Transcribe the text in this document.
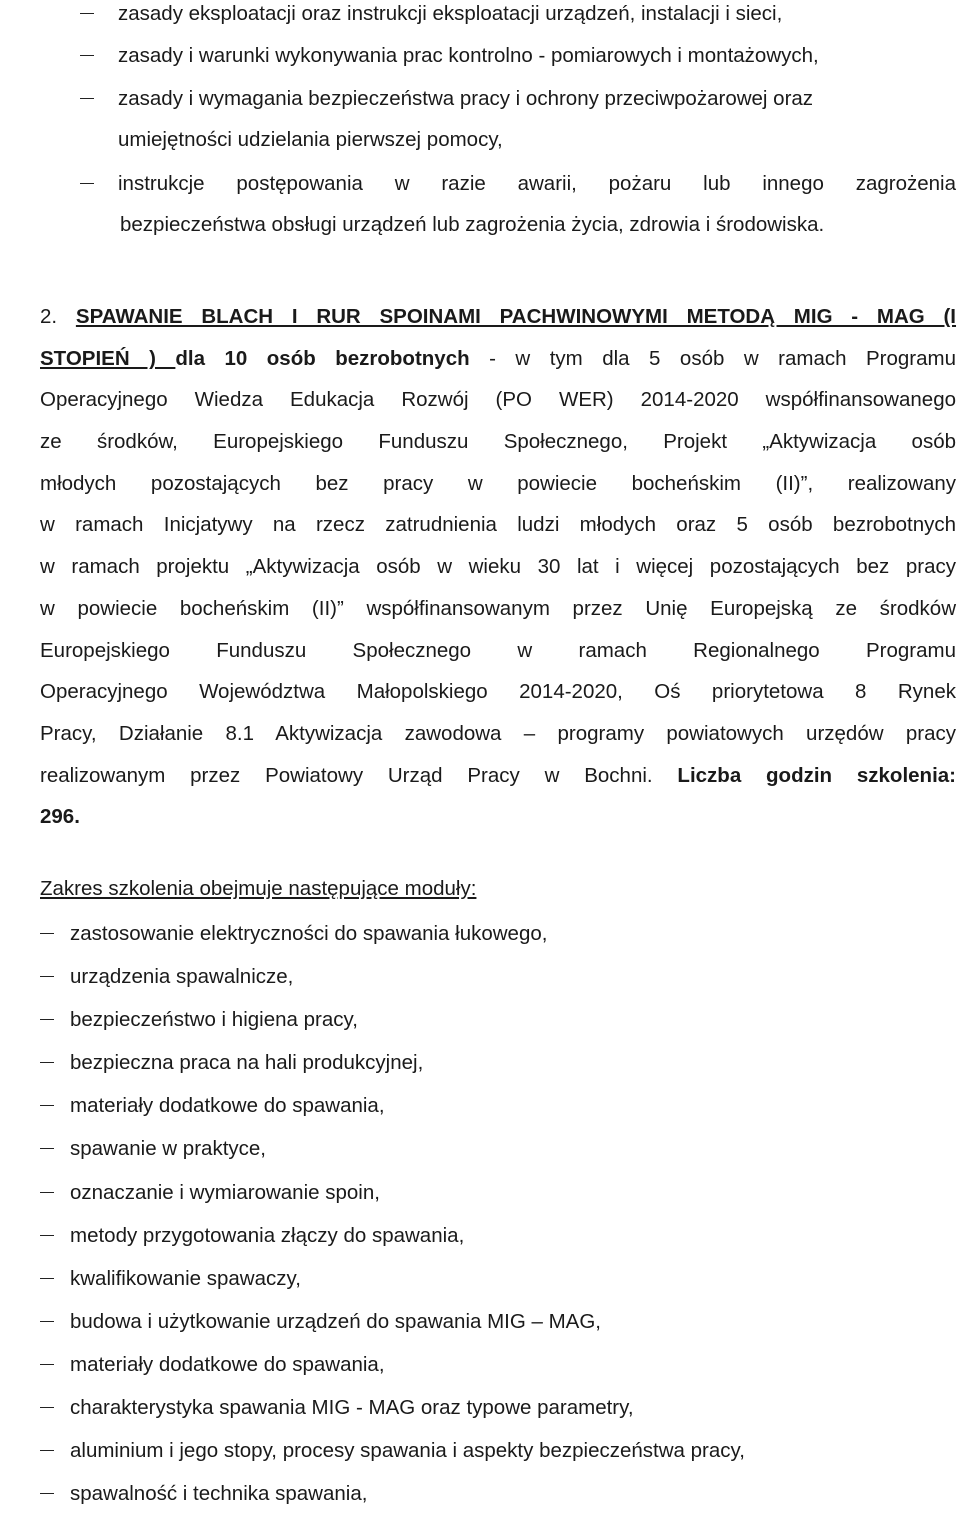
zasady eksploatacji oraz instrukcji eksploatacji urządzeń, instalacji i sieci,
zasady i warunki wykonywania prac kontrolno - pomiarowych i montażowych,
zasady i wymagania bezpieczeństwa pracy i ochrony przeciwpożarowej oraz
umiejętności udzielania pierwszej pomocy,
instrukcje postępowania w razie awarii, pożaru lub innego zagrożenia
bezpieczeństwa obsługi urządzeń lub zagrożenia życia, zdrowia i środowiska.
2. SPAWANIE BLACH I RUR SPOINAMI PACHWINOWYMI METODĄ MIG - MAG (I
STOPIEŃ ) dla 10 osób bezrobotnych - w tym dla 5 osób w ramach Programu
Operacyjnego Wiedza Edukacja Rozwój (PO WER) 2014-2020 współfinansowanego
ze środków, Europejskiego Funduszu Społecznego, Projekt „Aktywizacja osób
młodych pozostających bez pracy w powiecie bocheńskim (II)”, realizowany
w ramach Inicjatywy na rzecz zatrudnienia ludzi młodych oraz 5 osób bezrobotnych
w ramach projektu „Aktywizacja osób w wieku 30 lat i więcej pozostających bez pracy
w powiecie bocheńskim (II)” współfinansowanym przez Unię Europejską ze środków
Europejskiego Funduszu Społecznego w ramach Regionalnego Programu
Operacyjnego Województwa Małopolskiego 2014-2020, Oś priorytetowa 8 Rynek
Pracy, Działanie 8.1 Aktywizacja zawodowa – programy powiatowych urzędów pracy
realizowanym przez Powiatowy Urząd Pracy w Bochni. Liczba godzin szkolenia:
296.
Zakres szkolenia obejmuje następujące moduły:
zastosowanie elektryczności do spawania łukowego,
urządzenia spawalnicze,
bezpieczeństwo i higiena pracy,
bezpieczna praca na hali produkcyjnej,
materiały dodatkowe do spawania,
spawanie w praktyce,
oznaczanie i wymiarowanie spoin,
metody przygotowania złączy do spawania,
kwalifikowanie spawaczy,
budowa i użytkowanie urządzeń do spawania MIG – MAG,
materiały dodatkowe do spawania,
charakterystyka spawania MIG - MAG oraz typowe parametry,
aluminium i jego stopy, procesy spawania i aspekty bezpieczeństwa pracy,
spawalność i technika spawania,
